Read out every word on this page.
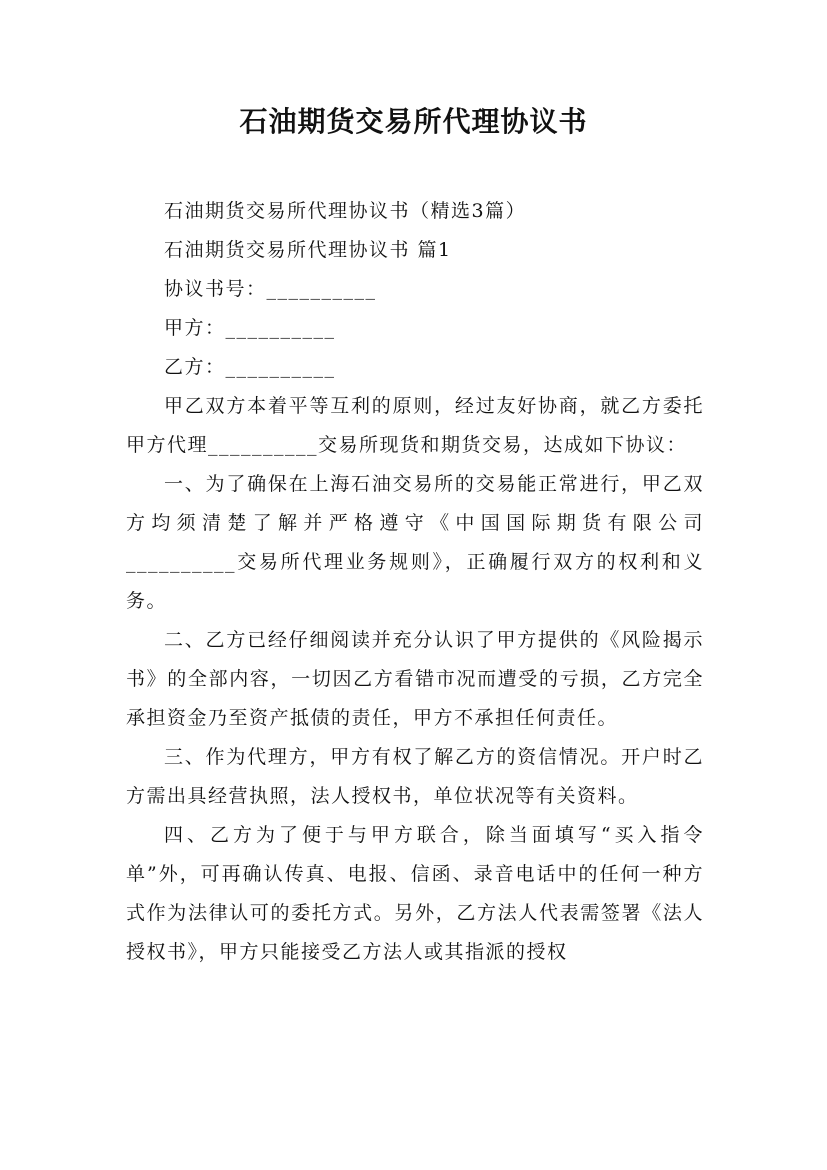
石油期货交易所代理协议书

石油期货交易所代理协议书（精选3篇）

石油期货交易所代理协议书 篇1

协议书号：__________

甲方：__________

乙方：__________

甲乙双方本着平等互利的原则，经过友好协商，就乙方委托甲方代理__________交易所现货和期货交易，达成如下协议：

一、为了确保在上海石油交易所的交易能正常进行，甲乙双方均须清楚了解并严格遵守《中国国际期货有限公司__________交易所代理业务规则》，正确履行双方的权利和义务。

二、乙方已经仔细阅读并充分认识了甲方提供的《风险揭示书》的全部内容，一切因乙方看错市况而遭受的亏损，乙方完全承担资金乃至资产抵债的责任，甲方不承担任何责任。

三、作为代理方，甲方有权了解乙方的资信情况。开户时乙方需出具经营执照，法人授权书，单位状况等有关资料。

四、乙方为了便于与甲方联合，除当面填写“买入指令单”外，可再确认传真、电报、信函、录音电话中的任何一种方式作为法律认可的委托方式。另外，乙方法人代表需签署《法人授权书》，甲方只能接受乙方法人或其指派的授权
